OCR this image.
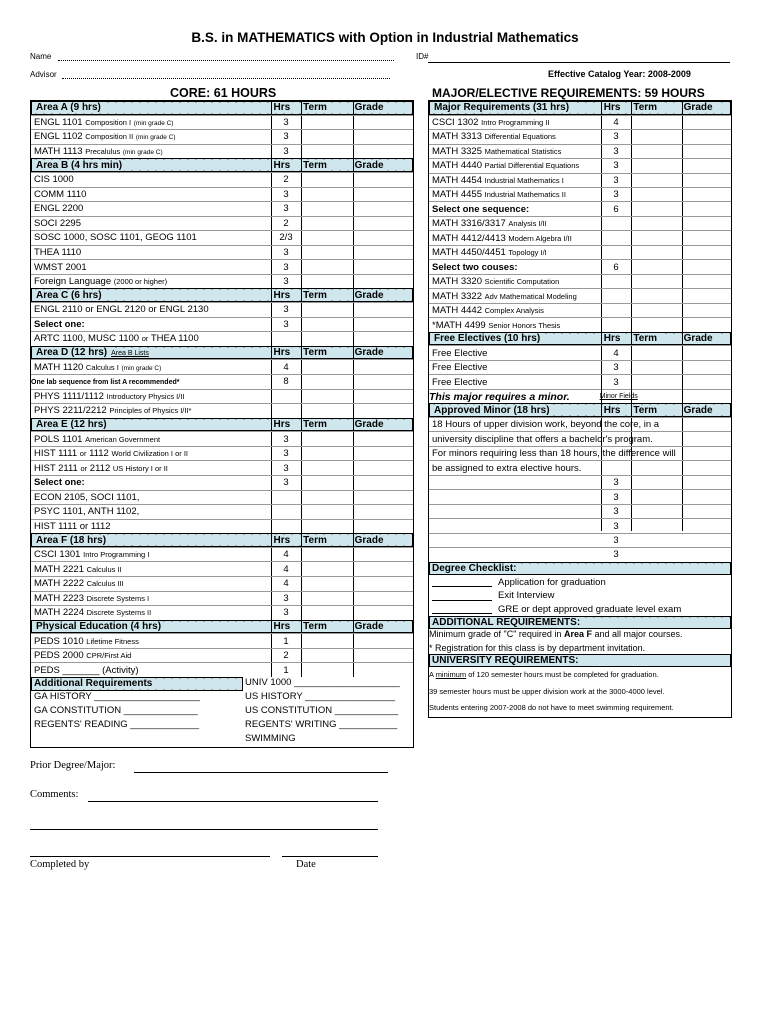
B.S. in MATHEMATICS with Option in Industrial Mathematics
Name	ID#
Advisor	Effective Catalog Year: 2008-2009
CORE: 61 HOURS	MAJOR/ELECTIVE REQUIREMENTS: 59 HOURS
Area A (9 hrs)	Hrs	Term	Grade
ENGL 1101 Composition I (min grade C)	3
ENGL 1102 Composition II (min grade C)	3
MATH 1113 Precalulus (min grade C)	3
Area B (4 hrs min)	Hrs	Term	Grade
CIS 1000	2
COMM 1110	3
ENGL 2200	3
SOCI 2295	2
SOSC 1000, SOSC 1101, GEOG 1101	2/3
THEA 1110	3
WMST 2001	3
Foreign Language (2000 or higher)	3
Area C (6 hrs)	Hrs	Term	Grade
ENGL 2110 or ENGL 2120 or ENGL 2130	3
Select one:	3
ARTC 1100, MUSC 1100 or THEA 1100
Area D (12 hrs) Area B Lists	Hrs	Term	Grade
MATH 1120 Calculus I (min grade C)	4
One lab sequence from list A recommended*	8
PHYS 1111/1112 Introductory Physics I/II
PHYS 2211/2212 Principles of Physics I/II*
Area E (12 hrs)	Hrs	Term	Grade
POLS 1101 American Government	3
HIST 1111 or 1112 World Civilization I or II	3
HIST 2111 or 2112 US History I or II	3
Select one:	3
ECON 2105, SOCI 1101,
PSYC 1101, ANTH 1102,
HIST 1111 or 1112
Area F (18 hrs)	Hrs	Term	Grade
CSCI 1301 Intro Programming I	4
MATH 2221 Calculus II	4
MATH 2222 Calculus III	4
MATH 2223 Discrete Systems I	3
MATH 2224 Discrete Systems II	3
Physical Education (4 hrs)	Hrs	Term	Grade
PEDS 1010 Lifetime Fitness	1
PEDS 2000 CPR/First Aid	2
PEDS _______ (Activity)	1
Additional Requirements
GA HISTORY ____________________
GA CONSTITUTION ______________
REGENTS' READING _____________
UNIV 1000 ____________________
US HISTORY _________________
US CONSTITUTION ____________
REGENTS' WRITING ___________
SWIMMING
Major Requirements (31 hrs)	Hrs	Term	Grade
CSCI 1302 Intro Programming II	4
MATH 3313 Differential Equations	3
MATH 3325 Mathematical Statistics	3
MATH 4440 Partial Differential Equations	3
MATH 4454 Industrial Mathematics I	3
MATH 4455 Industrial Mathematics II	3
Select one sequence:	6
MATH 3316/3317 Analysis I/II
MATH 4412/4413 Modern Algebra I/II
MATH 4450/4451 Topology I/I
Select two couses:	6
MATH 3320 Scientific Computation
MATH 3322 Adv Mathematical Modeling
MATH 4442 Complex Analysis
*MATH 4499 Senior Honors Thesis
Free Electives (10 hrs)	Hrs	Term	Grade
Free Elective	4
Free Elective	3
Free Elective	3
This major requires a minor.	Minor Fields
Approved Minor (18 hrs)	Hrs	Term	Grade
18 Hours of upper division work, beyond the core, in a
university discipline that offers a bachelor's program.
For minors requiring less than 18 hours, the difference will
be assigned to extra elective hours.
3
3
3
3
3
3
Degree Checklist:
Application for graduation
Exit Interview
GRE or dept approved graduate level exam
ADDITIONAL REQUIREMENTS:
Minimum grade of "C" required in Area F and all major courses.
* Registration for this class is by department invitation.
UNIVERSITY REQUIREMENTS:
A minimum of 120 semester hours must be completed for graduation.
39 semester hours must be upper division work at the 3000-4000 level.
Students entering 2007-2008 do not have to meet swimming requirement.
Prior Degree/Major:
Comments:
Completed by	Date
